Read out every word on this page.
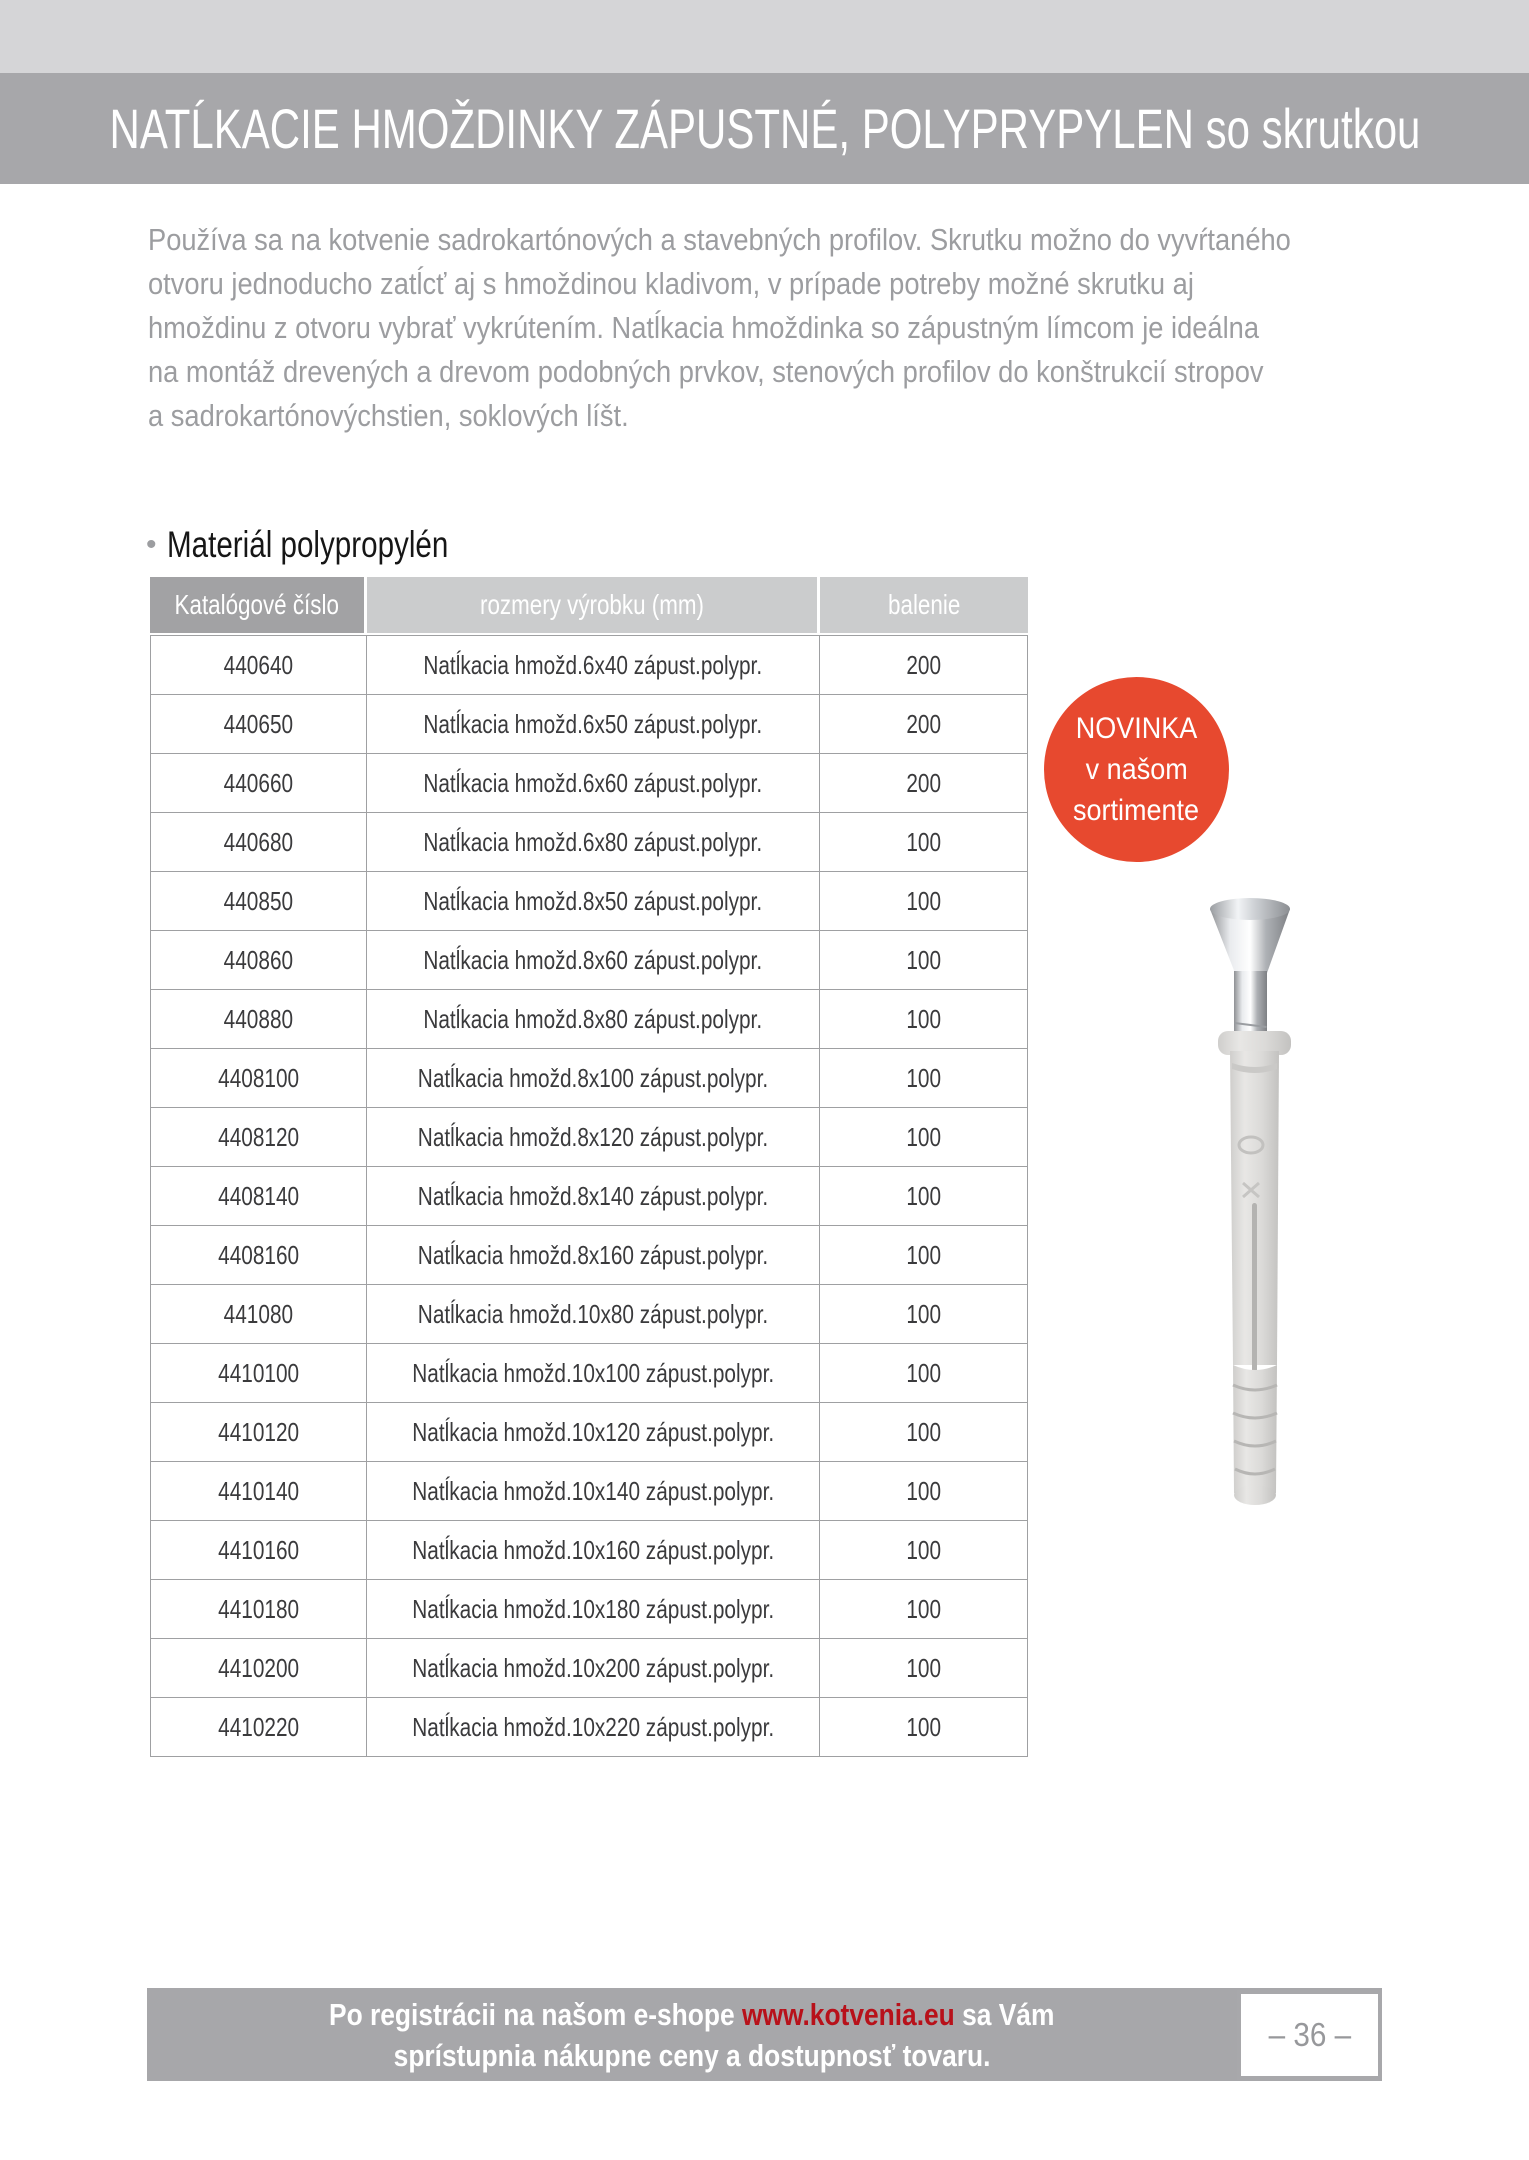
NATĹKACIE HMOŽDINKY ZÁPUSTNÉ, POLYPRYPYLEN so skrutkou
Používa sa na kotvenie sadrokartónových a stavebných profilov. Skrutku možno do vyvŕtaného
otvoru jednoducho zatĺcť aj s hmoždinou kladivom, v prípade potreby možné skrutku aj
hmoždinu z otvoru vybrať vykrútením. Natĺkacia hmoždinka so zápustným límcom je ideálna
na montáž drevených a drevom podobných prvkov, stenových profilov do konštrukcií stropov
a sadrokartónovýchstien, soklových líšt.
• Materiál polypropylén
Katalógové číslo	rozmery výrobku (mm)	balenie
440640	Natĺkacia hmožd.6x40 zápust.polypr.	200
440650	Natĺkacia hmožd.6x50 zápust.polypr.	200
440660	Natĺkacia hmožd.6x60 zápust.polypr.	200
440680	Natĺkacia hmožd.6x80 zápust.polypr.	100
440850	Natĺkacia hmožd.8x50 zápust.polypr.	100
440860	Natĺkacia hmožd.8x60 zápust.polypr.	100
440880	Natĺkacia hmožd.8x80 zápust.polypr.	100
4408100	Natĺkacia hmožd.8x100 zápust.polypr.	100
4408120	Natĺkacia hmožd.8x120 zápust.polypr.	100
4408140	Natĺkacia hmožd.8x140 zápust.polypr.	100
4408160	Natĺkacia hmožd.8x160 zápust.polypr.	100
441080	Natĺkacia hmožd.10x80 zápust.polypr.	100
4410100	Natĺkacia hmožd.10x100 zápust.polypr.	100
4410120	Natĺkacia hmožd.10x120 zápust.polypr.	100
4410140	Natĺkacia hmožd.10x140 zápust.polypr.	100
4410160	Natĺkacia hmožd.10x160 zápust.polypr.	100
4410180	Natĺkacia hmožd.10x180 zápust.polypr.	100
4410200	Natĺkacia hmožd.10x200 zápust.polypr.	100
4410220	Natĺkacia hmožd.10x220 zápust.polypr.	100
NOVINKA
v našom
sortimente
Po registrácii na našom e-shope www.kotvenia.eu sa Vám
sprístupnia nákupne ceny a dostupnosť tovaru.
– 36 –
